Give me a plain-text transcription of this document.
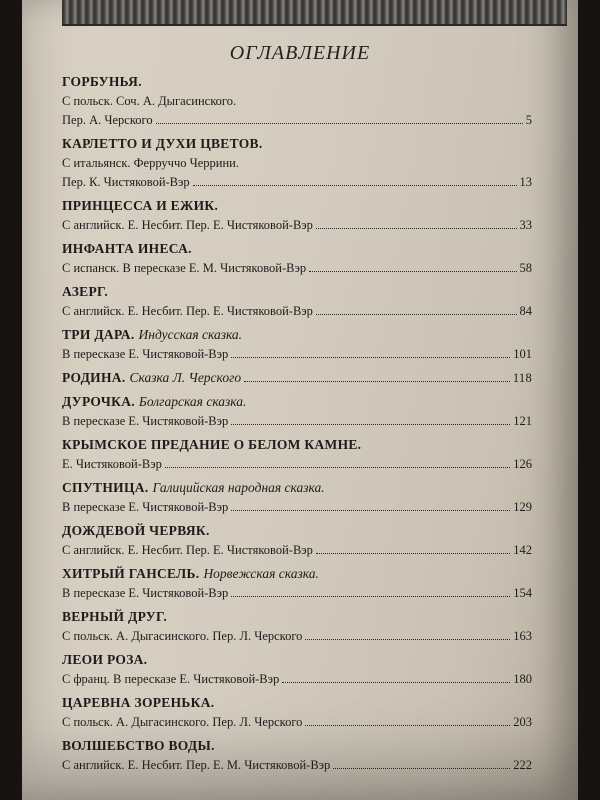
ОГЛАВЛЕНИЕ
ГОРБУНЬЯ.
С польск. Соч. А. Дыгасинского.
Пер. А. Черского	5
КАРЛЕТТО И ДУХИ ЦВЕТОВ.
С итальянск. Ферруччо Черрини.
Пер. К. Чистяковой-Вэр	13
ПРИНЦЕССА И ЕЖИК.
С английск. Е. Несбит. Пер. Е. Чистяковой-Вэр	33
ИНФАНТА ИНЕСА.
С испанск. В пересказе Е. М. Чистяковой-Вэр	58
АЗЕРГ.
С английск. Е. Несбит. Пер. Е. Чистяковой-Вэр	84
ТРИ ДАРА. Индусская сказка.
В пересказе Е. Чистяковой-Вэр	101
РОДИНА. Сказка Л. Черского	118
ДУРОЧКА. Болгарская сказка.
В пересказе Е. Чистяковой-Вэр	121
КРЫМСКОЕ ПРЕДАНИЕ О БЕЛОМ КАМНЕ.
Е. Чистяковой-Вэр	126
СПУТНИЦА. Галицийская народная сказка.
В пересказе Е. Чистяковой-Вэр	129
ДОЖДЕВОЙ ЧЕРВЯК.
С английск. Е. Несбит. Пер. Е. Чистяковой-Вэр	142
ХИТРЫЙ ГАНСЕЛЬ. Норвежская сказка.
В пересказе Е. Чистяковой-Вэр	154
ВЕРНЫЙ ДРУГ.
С польск. А. Дыгасинского. Пер. Л. Черского	163
ЛЕОИ РОЗА.
С франц. В пересказе Е. Чистяковой-Вэр	180
ЦАРЕВНА ЗОРЕНЬКА.
С польск. А. Дыгасинского. Пер. Л. Черского	203
ВОЛШЕБСТВО ВОДЫ.
С английск. Е. Несбит. Пер. Е. М. Чистяковой-Вэр	222
